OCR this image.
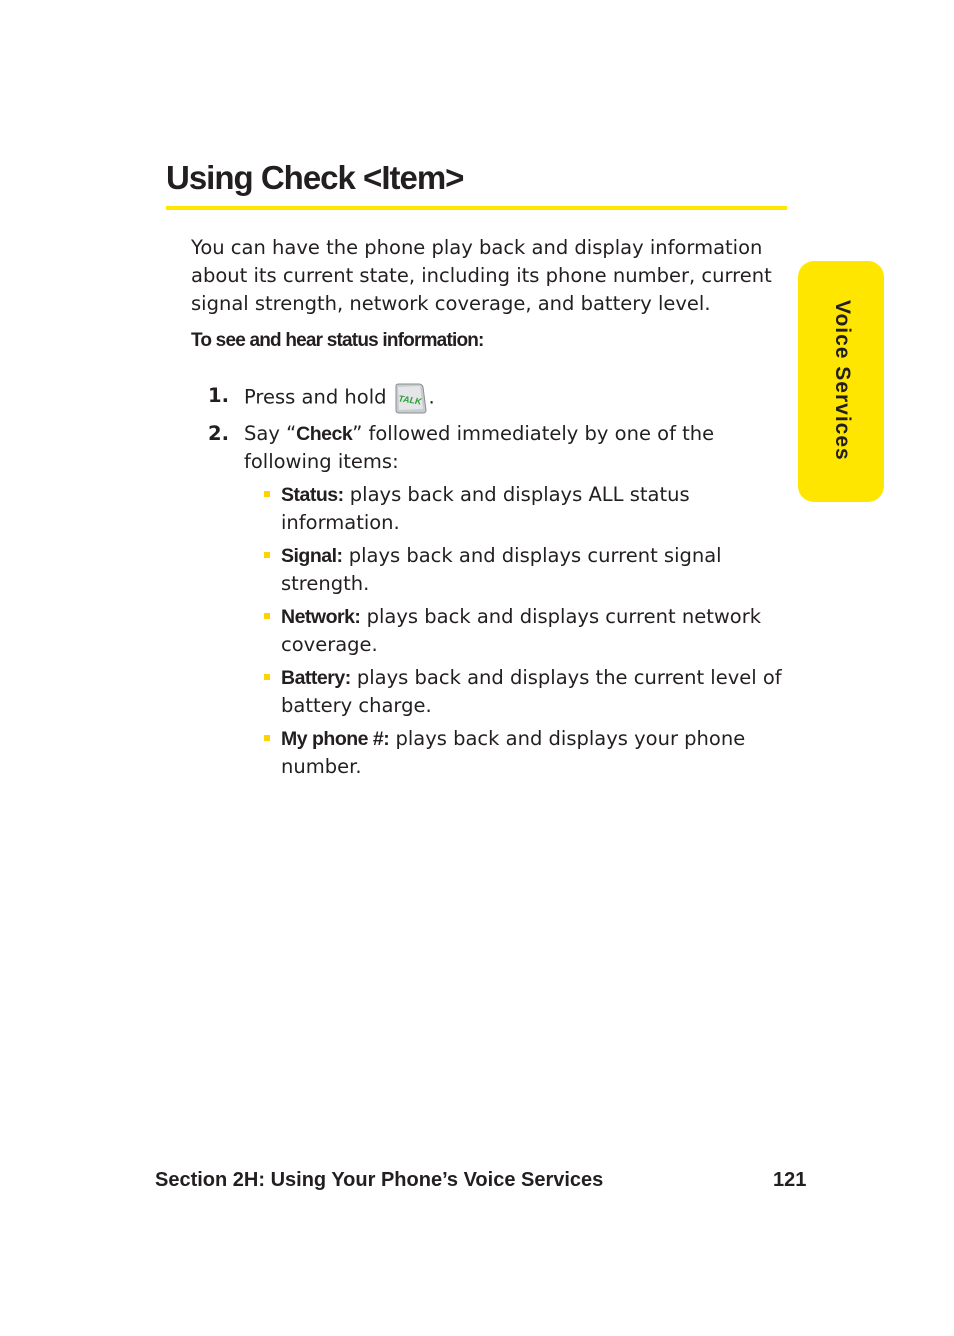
Using Check <Item>
Voice Services

You can have the phone play back and display information about its current state, including its phone number, current signal strength, network coverage, and battery level.

To see and hear status information:

1. Press and hold TALK .
2. Say “Check” followed immediately by one of the following items:
Status: plays back and displays ALL status information.
Signal: plays back and displays current signal strength.
Network: plays back and displays current network coverage.
Battery: plays back and displays the current level of battery charge.
My phone #: plays back and displays your phone number.
Section 2H: Using Your Phone’s Voice Services	121
